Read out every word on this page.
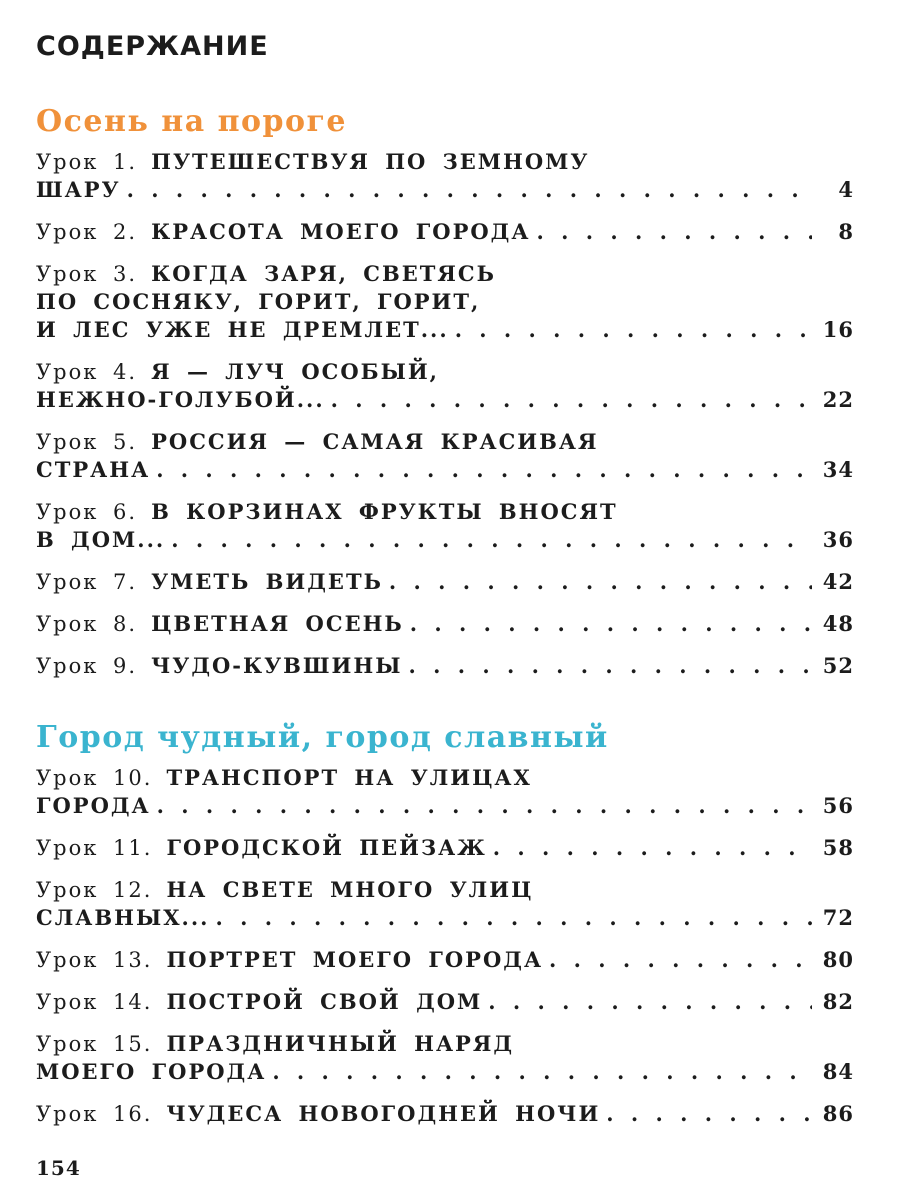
СОДЕРЖАНИЕ
Осень на пороге
Урок 1. ПУТЕШЕСТВУЯ ПО ЗЕМНОМУ
ШАРУ . . .	4
Урок 2. КРАСОТА МОЕГО ГОРОДА . . .	8
Урок 3. КОГДА ЗАРЯ, СВЕТЯСЬ
ПО СОСНЯКУ, ГОРИТ, ГОРИТ,
И ЛЕС УЖЕ НЕ ДРЕМЛЕТ... . . .	16
Урок 4. Я — ЛУЧ ОСОБЫЙ,
НЕЖНО-ГОЛУБОЙ... . . .	22
Урок 5. РОССИЯ — САМАЯ КРАСИВАЯ
СТРАНА . . .	34
Урок 6. В КОРЗИНАХ ФРУКТЫ ВНОСЯТ
В ДОМ... . . .	36
Урок 7. УМЕТЬ ВИДЕТЬ . . .	42
Урок 8. ЦВЕТНАЯ ОСЕНЬ . . .	48
Урок 9. ЧУДО-КУВШИНЫ . . .	52
Город чудный, город славный
Урок 10. ТРАНСПОРТ НА УЛИЦАХ
ГОРОДА . . .	56
Урок 11. ГОРОДСКОЙ ПЕЙЗАЖ . . .	58
Урок 12. НА СВЕТЕ МНОГО УЛИЦ
СЛАВНЫХ... . . .	72
Урок 13. ПОРТРЕТ МОЕГО ГОРОДА . . .	80
Урок 14. ПОСТРОЙ СВОЙ ДОМ . . .	82
Урок 15. ПРАЗДНИЧНЫЙ НАРЯД
МОЕГО ГОРОДА . . .	84
Урок 16. ЧУДЕСА НОВОГОДНЕЙ НОЧИ . . .	86
154
